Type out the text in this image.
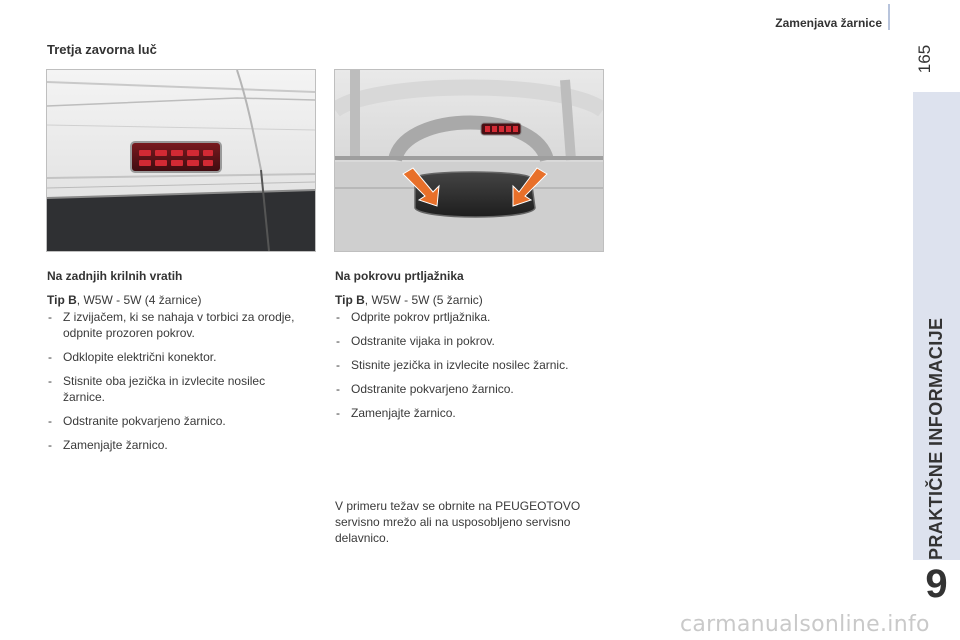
Zamenjava žarnice
165
PRAKTIČNE INFORMACIJE
9
Tretja zavorna luč
Na zadnjih krilnih vratih
Tip B, W5W - 5W (4 žarnice)
- Z izvijačem, ki se nahaja v torbici za orodje, odpnite prozoren pokrov.
- Odklopite električni konektor.
- Stisnite oba jezička in izvlecite nosilec žarnice.
- Odstranite pokvarjeno žarnico.
- Zamenjajte žarnico.
Na pokrovu prtljažnika
Tip B, W5W - 5W (5 žarnic)
- Odprite pokrov prtljažnika.
- Odstranite vijaka in pokrov.
- Stisnite jezička in izvlecite nosilec žarnic.
- Odstranite pokvarjeno žarnico.
- Zamenjajte žarnico.
V primeru težav se obrnite na PEUGEOTOVO servisno mrežo ali na usposobljeno servisno delavnico.
carmanualsonline.info
